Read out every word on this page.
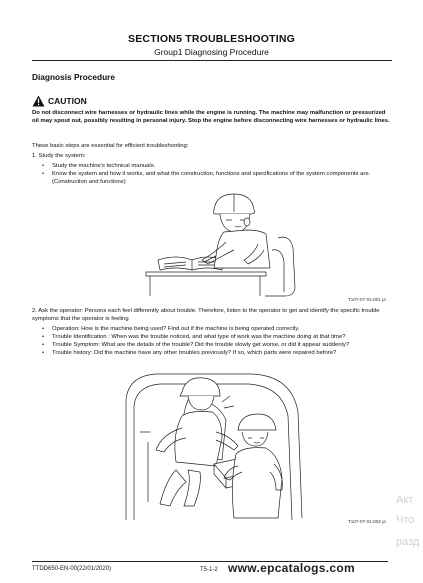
SECTION5 TROUBLESHOOTING
Group1 Diagnosing Procedure
Diagnosis Procedure
CAUTION
Do not disconnect wire harnesses or hydraulic lines while the engine is running. The machine may malfunction or pressurized oil may spout out, possibly resulting in personal injury. Stop the engine before disconnecting wire harnesses or hydraulic lines.
These basic steps are essential for efficient troubleshooting:
1. Study the system:
•	Study the machine's technical manuals.
•	Know the system and how it works, and what the construction, functions and specifications of the system components are. (Construction and functions)
T107-07-01-001 ja
2. Ask the operator: Persons each feel differently about trouble. Therefore, listen to the operator to get and identify the specific trouble symptoms that the operator is feeling
•	Operation: How is the machine being used? Find out if the machine is being operated correctly.
•	Trouble Identification : When was the trouble noticed, and what type of work was the machine doing at that time?
•	Trouble Symptom: What are the details of the trouble? Did the trouble slowly get worse, or did it appear suddenly?
•	Trouble history: Did the machine have any other troubles previously? If so, which parts were repaired before?
T107-07-01-002 ja
TTDD650-EN-00(22/01/2020)	T5-1-2
Акт
Что
разд
www.epcatalogs.com
